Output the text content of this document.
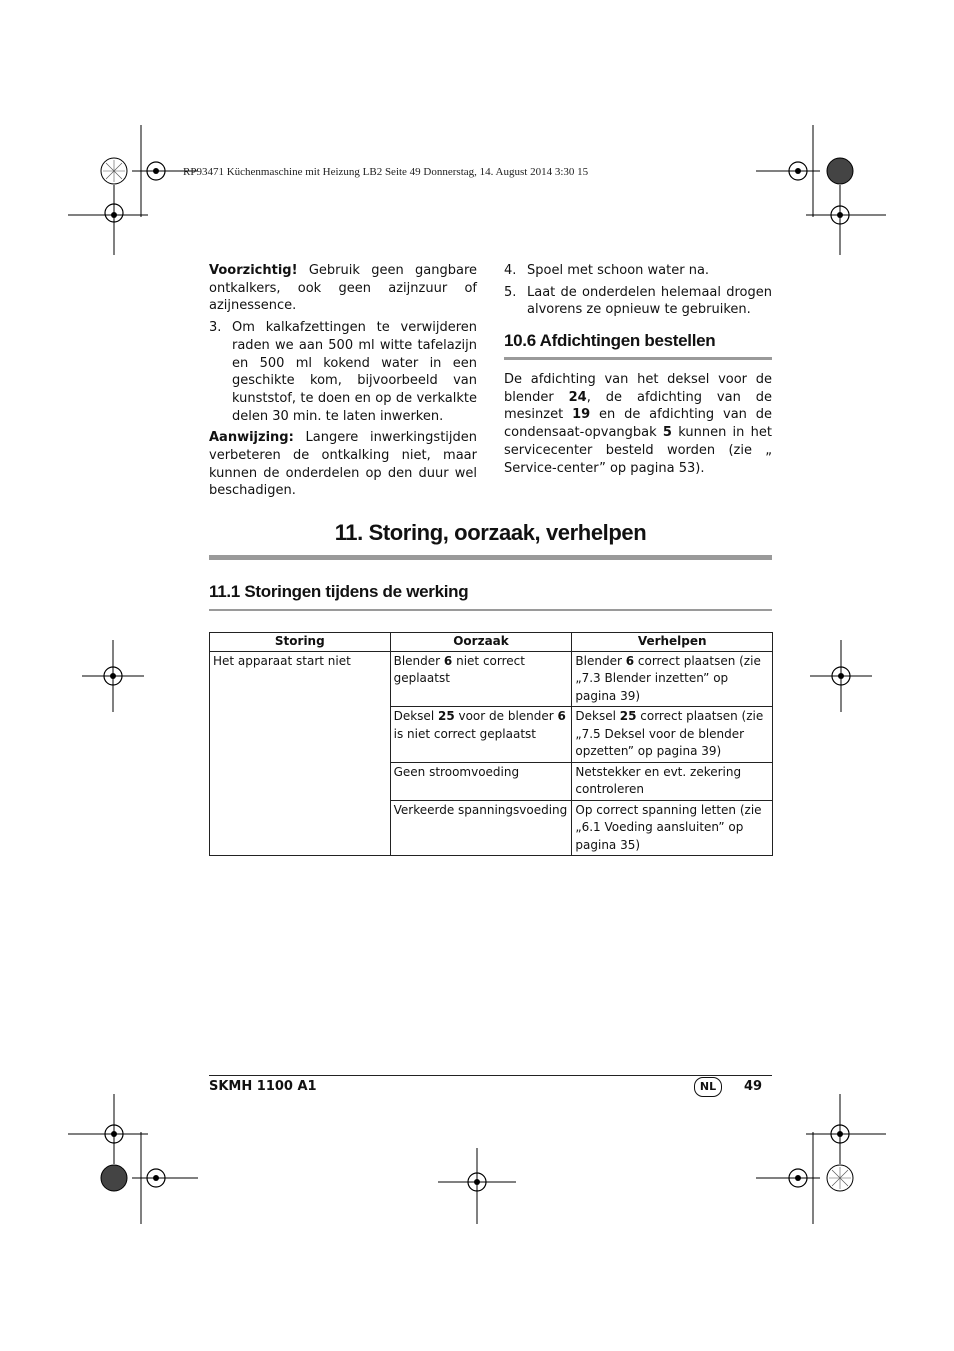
RP93471 Küchenmaschine mit Heizung LB2 Seite 49 Donnerstag, 14. August 2014 3:30 15

Voorzichtig! Gebruik geen gangbare ontkalkers, ook geen azijnzuur of azijnessence.

3. Om kalkafzettingen te verwijderen raden we aan 500 ml witte tafelazijn en 500 ml kokend water in een geschikte kom, bijvoorbeeld van kunststof, te doen en op de verkalkte delen 30 min. te laten inwerken.

Aanwijzing: Langere inwerkingstijden verbeteren de ontkalking niet, maar kunnen de onderdelen op den duur wel beschadigen.

4. Spoel met schoon water na.
5. Laat de onderdelen helemaal drogen alvorens ze opnieuw te gebruiken.
10.6 Afdichtingen bestellen

De afdichting van het deksel voor de blender 24, de afdichting van de mesinzet 19 en de afdichting van de condensaat-opvangbak 5 kunnen in het servicecenter besteld worden (zie „ Service-center” op pagina 53).

11. Storing, oorzaak, verhelpen
11.1 Storingen tijdens de werking
Storing	Oorzaak	Verhelpen
Het apparaat start niet	Blender 6 niet correct geplaatst	Blender 6 correct plaatsen (zie „7.3 Blender inzetten” op pagina 39)
	Deksel 25 voor de blender 6 is niet correct geplaatst	Deksel 25 correct plaatsen (zie „7.5 Deksel voor de blender opzetten” op pagina 39)
	Geen stroomvoeding	Netstekker en evt. zekering controleren
	Verkeerde spanningsvoeding	Op correct spanning letten (zie „6.1 Voeding aansluiten” op pagina 35)
SKMH 1100 A1	NL	49
